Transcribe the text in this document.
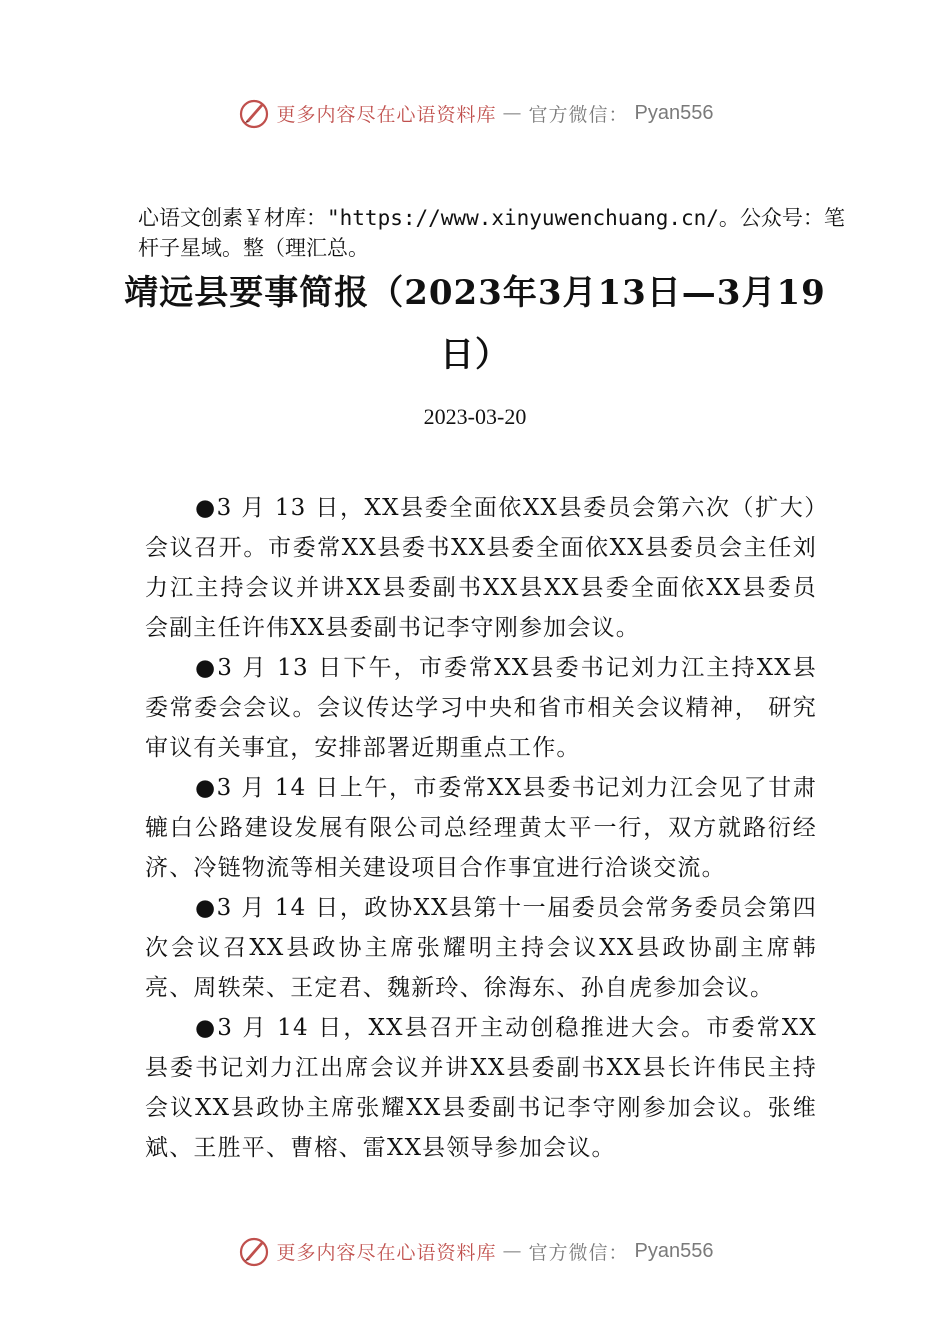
更多内容尽在心语资料库 — 官方微信： Pyan556
心语文创素￥材库："https://www.xinyuwenchuang.cn/。公众号：笔杆子星域。整（理汇总。
靖远县要事简报（2023年3月13日—3月19日）
2023-03-20

●3 月 13 日，XX县委全面依XX县委员会第六次（扩大）会议召开。市委常XX县委书XX县委全面依XX县委员会主任刘力江主持会议并讲XX县委副书XX县XX县委全面依XX县委员会副主任许伟XX县委副书记李守刚参加会议。

●3 月 13 日下午，市委常XX县委书记刘力江主持XX县委常委会会议。会议传达学习中央和省市相关会议精神， 研究审议有关事宜，安排部署近期重点工作。

●3 月 14 日上午，市委常XX县委书记刘力江会见了甘肃辘白公路建设发展有限公司总经理黄太平一行，双方就路衍经济、冷链物流等相关建设项目合作事宜进行洽谈交流。

●3 月 14 日，政协XX县第十一届委员会常务委员会第四次会议召XX县政协主席张耀明主持会议XX县政协副主席韩亮、周轶荣、王定君、魏新玲、徐海东、孙自虎参加会议。

●3 月 14 日，XX县召开主动创稳推进大会。市委常XX县委书记刘力江出席会议并讲XX县委副书XX县长许伟民主持会议XX县政协主席张耀XX县委副书记李守刚参加会议。张维斌、王胜平、曹榕、雷XX县领导参加会议。

更多内容尽在心语资料库 — 官方微信： Pyan556
